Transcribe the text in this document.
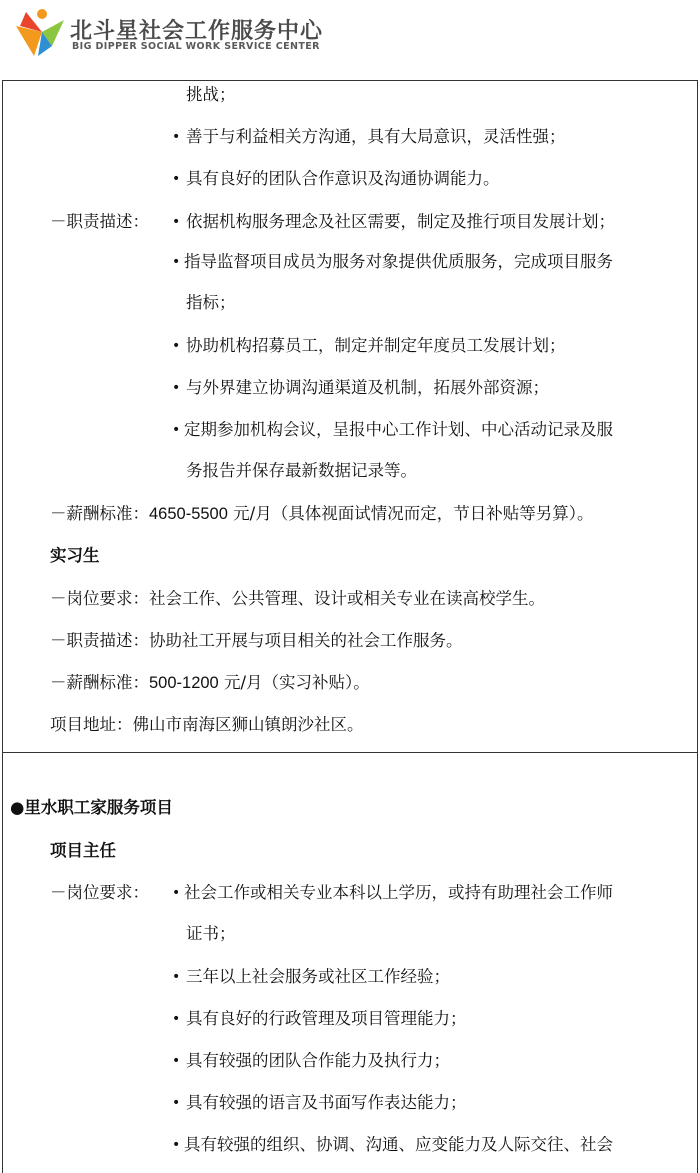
北斗星社会工作服务中心
BIG DIPPER SOCIAL WORK SERVICE CENTER
挑战；
• 善于与利益相关方沟通，具有大局意识，灵活性强；
• 具有良好的团队合作意识及沟通协调能力。
－职责描述： • 依据机构服务理念及社区需要，制定及推行项目发展计划；
• 指导监督项目成员为服务对象提供优质服务，完成项目服务
指标；
• 协助机构招募员工，制定并制定年度员工发展计划；
• 与外界建立协调沟通渠道及机制，拓展外部资源；
• 定期参加机构会议，呈报中心工作计划、中心活动记录及服
务报告并保存最新数据记录等。
－薪酬标准：4650-5500 元/月（具体视面试情况而定，节日补贴等另算）。
实习生
－岗位要求：社会工作、公共管理、设计或相关专业在读高校学生。
－职责描述：协助社工开展与项目相关的社会工作服务。
－薪酬标准：500-1200 元/月（实习补贴）。
项目地址：佛山市南海区狮山镇朗沙社区。
●里水职工家服务项目
项目主任
－岗位要求： • 社会工作或相关专业本科以上学历，或持有助理社会工作师
证书；
• 三年以上社会服务或社区工作经验；
• 具有良好的行政管理及项目管理能力；
• 具有较强的团队合作能力及执行力；
• 具有较强的语言及书面写作表达能力；
• 具有较强的组织、协调、沟通、应变能力及人际交往、社会
